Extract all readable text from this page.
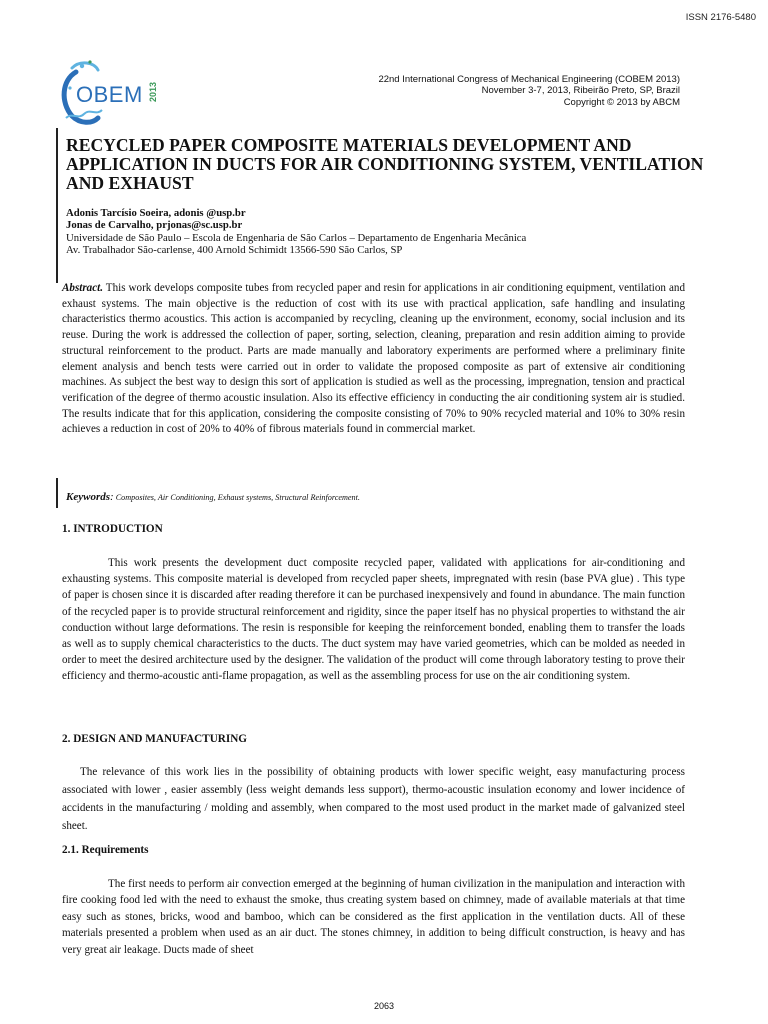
ISSN 2176-5480
OBEM 2013
22nd International Congress of Mechanical Engineering (COBEM 2013)
November 3-7, 2013, Ribeirão Preto, SP, Brazil
Copyright © 2013 by ABCM
RECYCLED PAPER COMPOSITE MATERIALS DEVELOPMENT AND APPLICATION IN DUCTS FOR AIR CONDITIONING SYSTEM, VENTILATION AND EXHAUST
Adonis Tarcísio Soeira, adonis @usp.br
Jonas de Carvalho, prjonas@sc.usp.br
Universidade de São Paulo – Escola de Engenharia de São Carlos – Departamento de Engenharia Mecânica
Av. Trabalhador São-carlense, 400 Arnold Schimidt 13566-590 São Carlos, SP

Abstract. This work develops composite tubes from recycled paper and resin for applications in air conditioning equipment, ventilation and exhaust systems. The main objective is the reduction of cost with its use with practical application, safe handling and insulating characteristics thermo acoustics. This action is accompanied by recycling, cleaning up the environment, economy, social inclusion and its reuse. During the work is addressed the collection of paper, sorting, selection, cleaning, preparation and resin addition aiming to provide structural reinforcement to the product. Parts are made manually and laboratory experiments are performed where a preliminary finite element analysis and bench tests were carried out in order to validate the proposed composite as part of extensive air conditioning machines. As subject the best way to design this sort of application is studied as well as the processing, impregnation, tension and practical verification of the degree of thermo acoustic insulation. Also its effective efficiency in conducting the air conditioning system air is studied. The results indicate that for this application, considering the composite consisting of 70% to 90% recycled material and 10% to 30% resin achieves a reduction in cost of 20% to 40% of fibrous materials found in commercial market.

Keywords: Composites, Air Conditioning, Exhaust systems, Structural Reinforcement.
1. INTRODUCTION

This work presents the development duct composite recycled paper, validated with applications for air-conditioning and exhausting systems. This composite material is developed from recycled paper sheets, impregnated with resin (base PVA glue) . This type of paper is chosen since it is discarded after reading therefore it can be purchased inexpensively and found in abundance. The main function of the recycled paper is to provide structural reinforcement and rigidity, since the paper itself has no physical properties to withstand the air conduction without large deformations. The resin is responsible for keeping the reinforcement bonded, enabling them to transfer the loads as well as to supply chemical characteristics to the ducts. The duct system may have varied geometries, which can be molded as needed in order to meet the desired architecture used by the designer. The validation of the product will come through laboratory testing to prove their efficiency and thermo-acoustic anti-flame propagation, as well as the assembling process for use on the air conditioning system.

2. DESIGN AND MANUFACTURING

The relevance of this work lies in the possibility of obtaining products with lower specific weight, easy manufacturing process associated with lower , easier assembly (less weight demands less support), thermo-acoustic insulation economy and lower incidence of accidents in the manufacturing / molding and assembly, when compared to the most used product in the market made of galvanized steel sheet.

2.1. Requirements

The first needs to perform air convection emerged at the beginning of human civilization in the manipulation and interaction with fire cooking food led with the need to exhaust the smoke, thus creating system based on chimney, made of available materials at that time easy such as stones, bricks, wood and bamboo, which can be considered as the first application in the ventilation ducts. All of these materials presented a problem when used as an air duct. The stones chimney, in addition to being difficult construction, is heavy and has very great air leakage. Ducts made of sheet

2063
